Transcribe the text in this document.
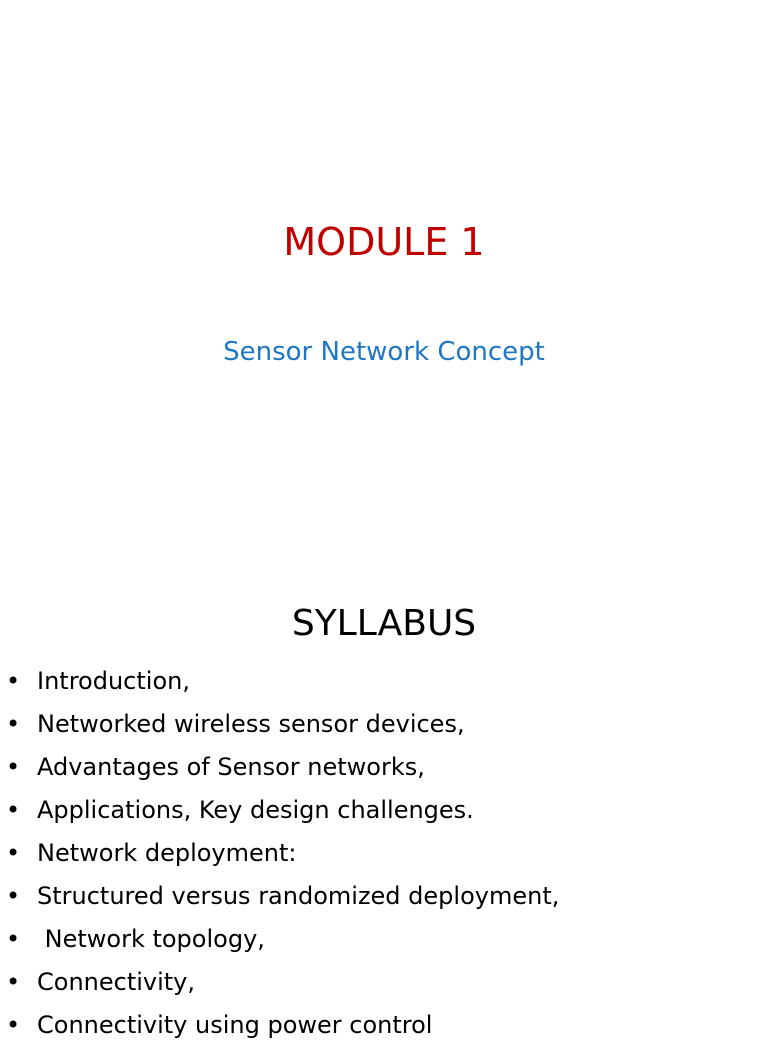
MODULE 1
Sensor Network Concept
SYLLABUS
• Introduction,
• Networked wireless sensor devices,
• Advantages of Sensor networks,
• Applications, Key design challenges.
• Network deployment:
• Structured versus randomized deployment,
• Network topology,
• Connectivity,
• Connectivity using power control
